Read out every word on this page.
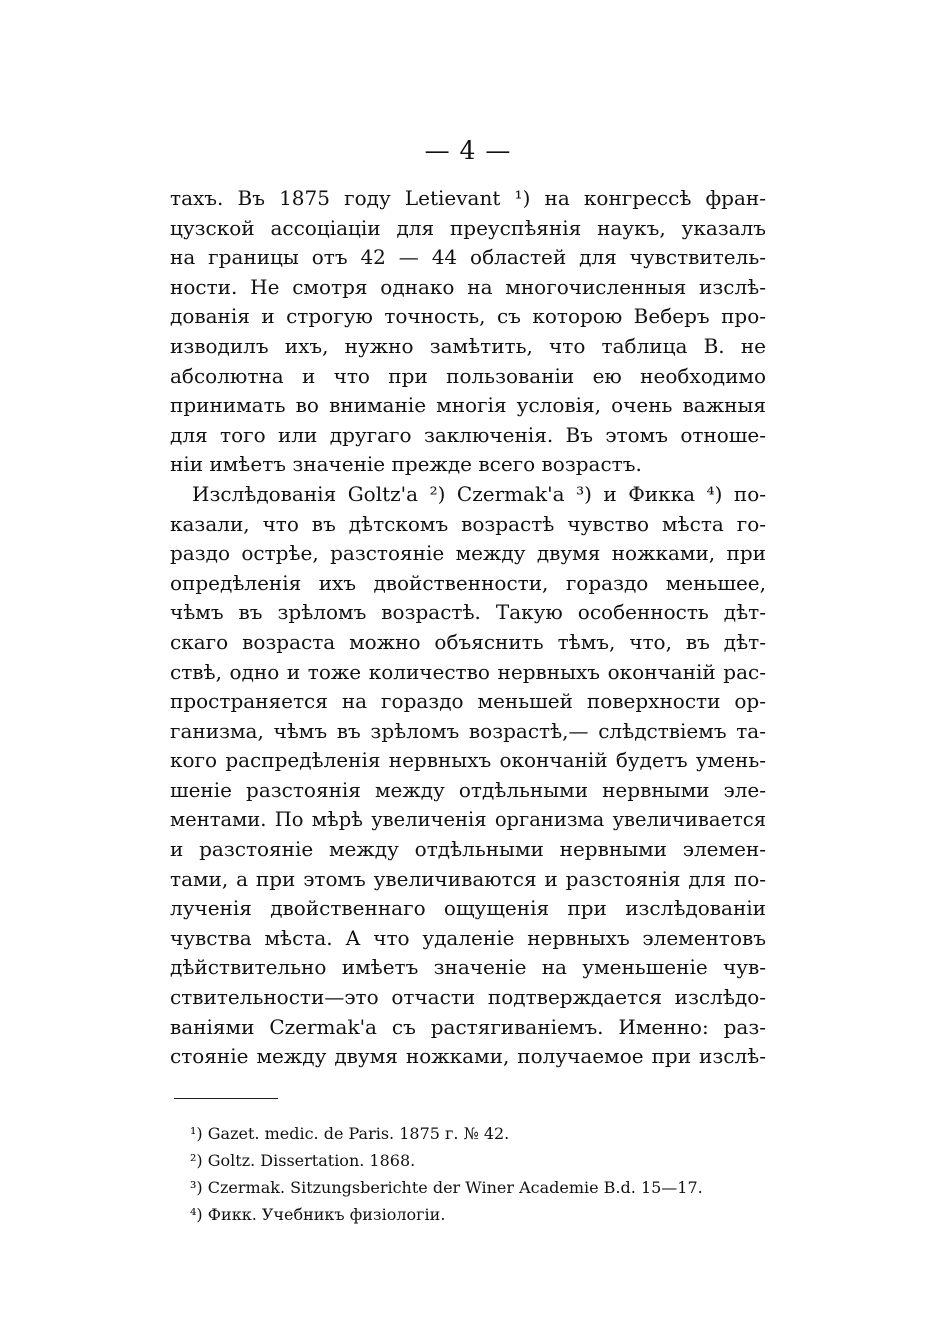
— 4 —
тахъ. Въ 1875 году Letievant ¹) на конгрессѣ фран-
цузской ассоціаціи для преуспѣянія наукъ, указалъ
на границы отъ 42 — 44 областей для чувствитель-
ности. Не смотря однако на многочисленныя изслѣ-
дованія и строгую точность, съ которою Веберъ про-
изводилъ ихъ, нужно замѣтить, что таблица В. не
абсолютна и что при пользованіи ею необходимо
принимать во вниманіе многія условія, очень важныя
для того или другаго заключенія. Въ этомъ отноше-
ніи имѣетъ значеніе прежде всего возрастъ.
Изслѣдованія Goltz'a ²) Czermak'a ³) и Фикка ⁴) по-
казали, что въ дѣтскомъ возрастѣ чувство мѣста го-
раздо острѣе, разстояніе между двумя ножками, при
опредѣленія ихъ двойственности, гораздо меньшее,
чѣмъ въ зрѣломъ возрастѣ. Такую особенность дѣт-
скаго возраста можно объяснить тѣмъ, что, въ дѣт-
ствѣ, одно и тоже количество нервныхъ окончаній рас-
пространяется на гораздо меньшей поверхности ор-
ганизма, чѣмъ въ зрѣломъ возрастѣ,— слѣдствіемъ та-
кого распредѣленія нервныхъ окончаній будетъ умень-
шеніе разстоянія между отдѣльными нервными эле-
ментами. По мѣрѣ увеличенія организма увеличивается
и разстояніе между отдѣльными нервными элемен-
тами, а при этомъ увеличиваются и разстоянія для по-
лученія двойственнаго ощущенія при изслѣдованіи
чувства мѣста. А что удаленіе нервныхъ элементовъ
дѣйствительно имѣетъ значеніе на уменьшеніе чув-
ствительности—это отчасти подтверждается изслѣдо-
ваніями Czermak'a съ растягиваніемъ. Именно: раз-
стояніе между двумя ножками, получаемое при изслѣ-
¹) Gazet. medic. de Paris. 1875 г. № 42.
²) Goltz. Dissertation. 1868.
³) Czermak. Sitzungsberichte der Winer Academie B.d. 15—17.
⁴) Фикк. Учебникъ физіологіи.
